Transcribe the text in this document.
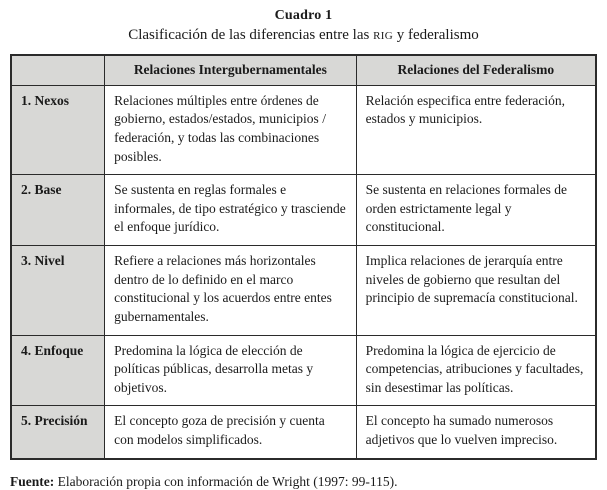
Cuadro 1
Clasificación de las diferencias entre las rig y federalismo
	Relaciones Intergubernamentales	Relaciones del Federalismo
1. Nexos	Relaciones múltiples entre órdenes de gobierno, estados/estados, municipios / federación, y todas las combinaciones posibles.	Relación especifica entre federación, estados y municipios.
2. Base	Se sustenta en reglas formales e informales, de tipo estratégico y trasciende el enfoque jurídico.	Se sustenta en relaciones formales de orden estrictamente legal y constitucional.
3. Nivel	Refiere a relaciones más horizontales dentro de lo definido en el marco constitucional y los acuerdos entre entes gubernamentales.	Implica relaciones de jerarquía entre niveles de gobierno que resultan del principio de supremacía constitucional.
4. Enfoque	Predomina la lógica de elección de políticas públicas, desarrolla metas y objetivos.	Predomina la lógica de ejercicio de competencias, atribuciones y facultades, sin desestimar las políticas.
5. Precisión	El concepto goza de precisión y cuenta con modelos simplificados.	El concepto ha sumado numerosos adjetivos que lo vuelven impreciso.
Fuente: Elaboración propia con información de Wright (1997: 99-115).
